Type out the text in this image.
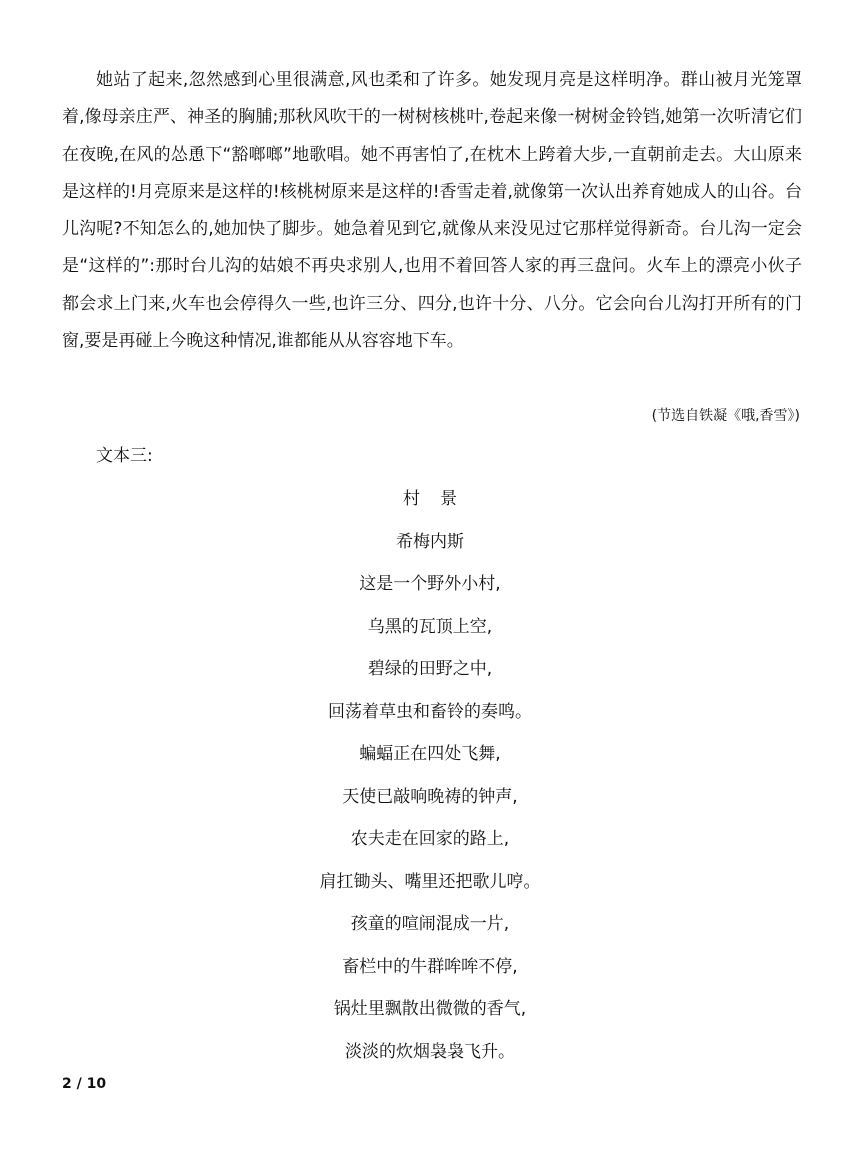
她站了起来,忽然感到心里很满意,风也柔和了许多。她发现月亮是这样明净。群山被月光笼罩着,像母亲庄严、神圣的胸脯;那秋风吹干的一树树核桃叶,卷起来像一树树金铃铛,她第一次听清它们在夜晚,在风的怂恿下“豁啷啷”地歌唱。她不再害怕了,在枕木上跨着大步,一直朝前走去。大山原来是这样的!月亮原来是这样的!核桃树原来是这样的!香雪走着,就像第一次认出养育她成人的山谷。台儿沟呢?不知怎么的,她加快了脚步。她急着见到它,就像从来没见过它那样觉得新奇。台儿沟一定会是“这样的”:那时台儿沟的姑娘不再央求别人,也用不着回答人家的再三盘问。火车上的漂亮小伙子都会求上门来,火车也会停得久一些,也许三分、四分,也许十分、八分。它会向台儿沟打开所有的门窗,要是再碰上今晚这种情况,谁都能从从容容地下车。

(节选自铁凝《哦,香雪》)

文本三:

村景
希梅内斯
这是一个野外小村,
乌黑的瓦顶上空,
碧绿的田野之中,
回荡着草虫和畜铃的奏鸣。
蝙蝠正在四处飞舞,
天使已敲响晚祷的钟声,
农夫走在回家的路上,
肩扛锄头、嘴里还把歌儿哼。
孩童的喧闹混成一片,
畜栏中的牛群哞哞不停,
锅灶里飘散出微微的香气,
淡淡的炊烟袅袅飞升。

2 / 10
